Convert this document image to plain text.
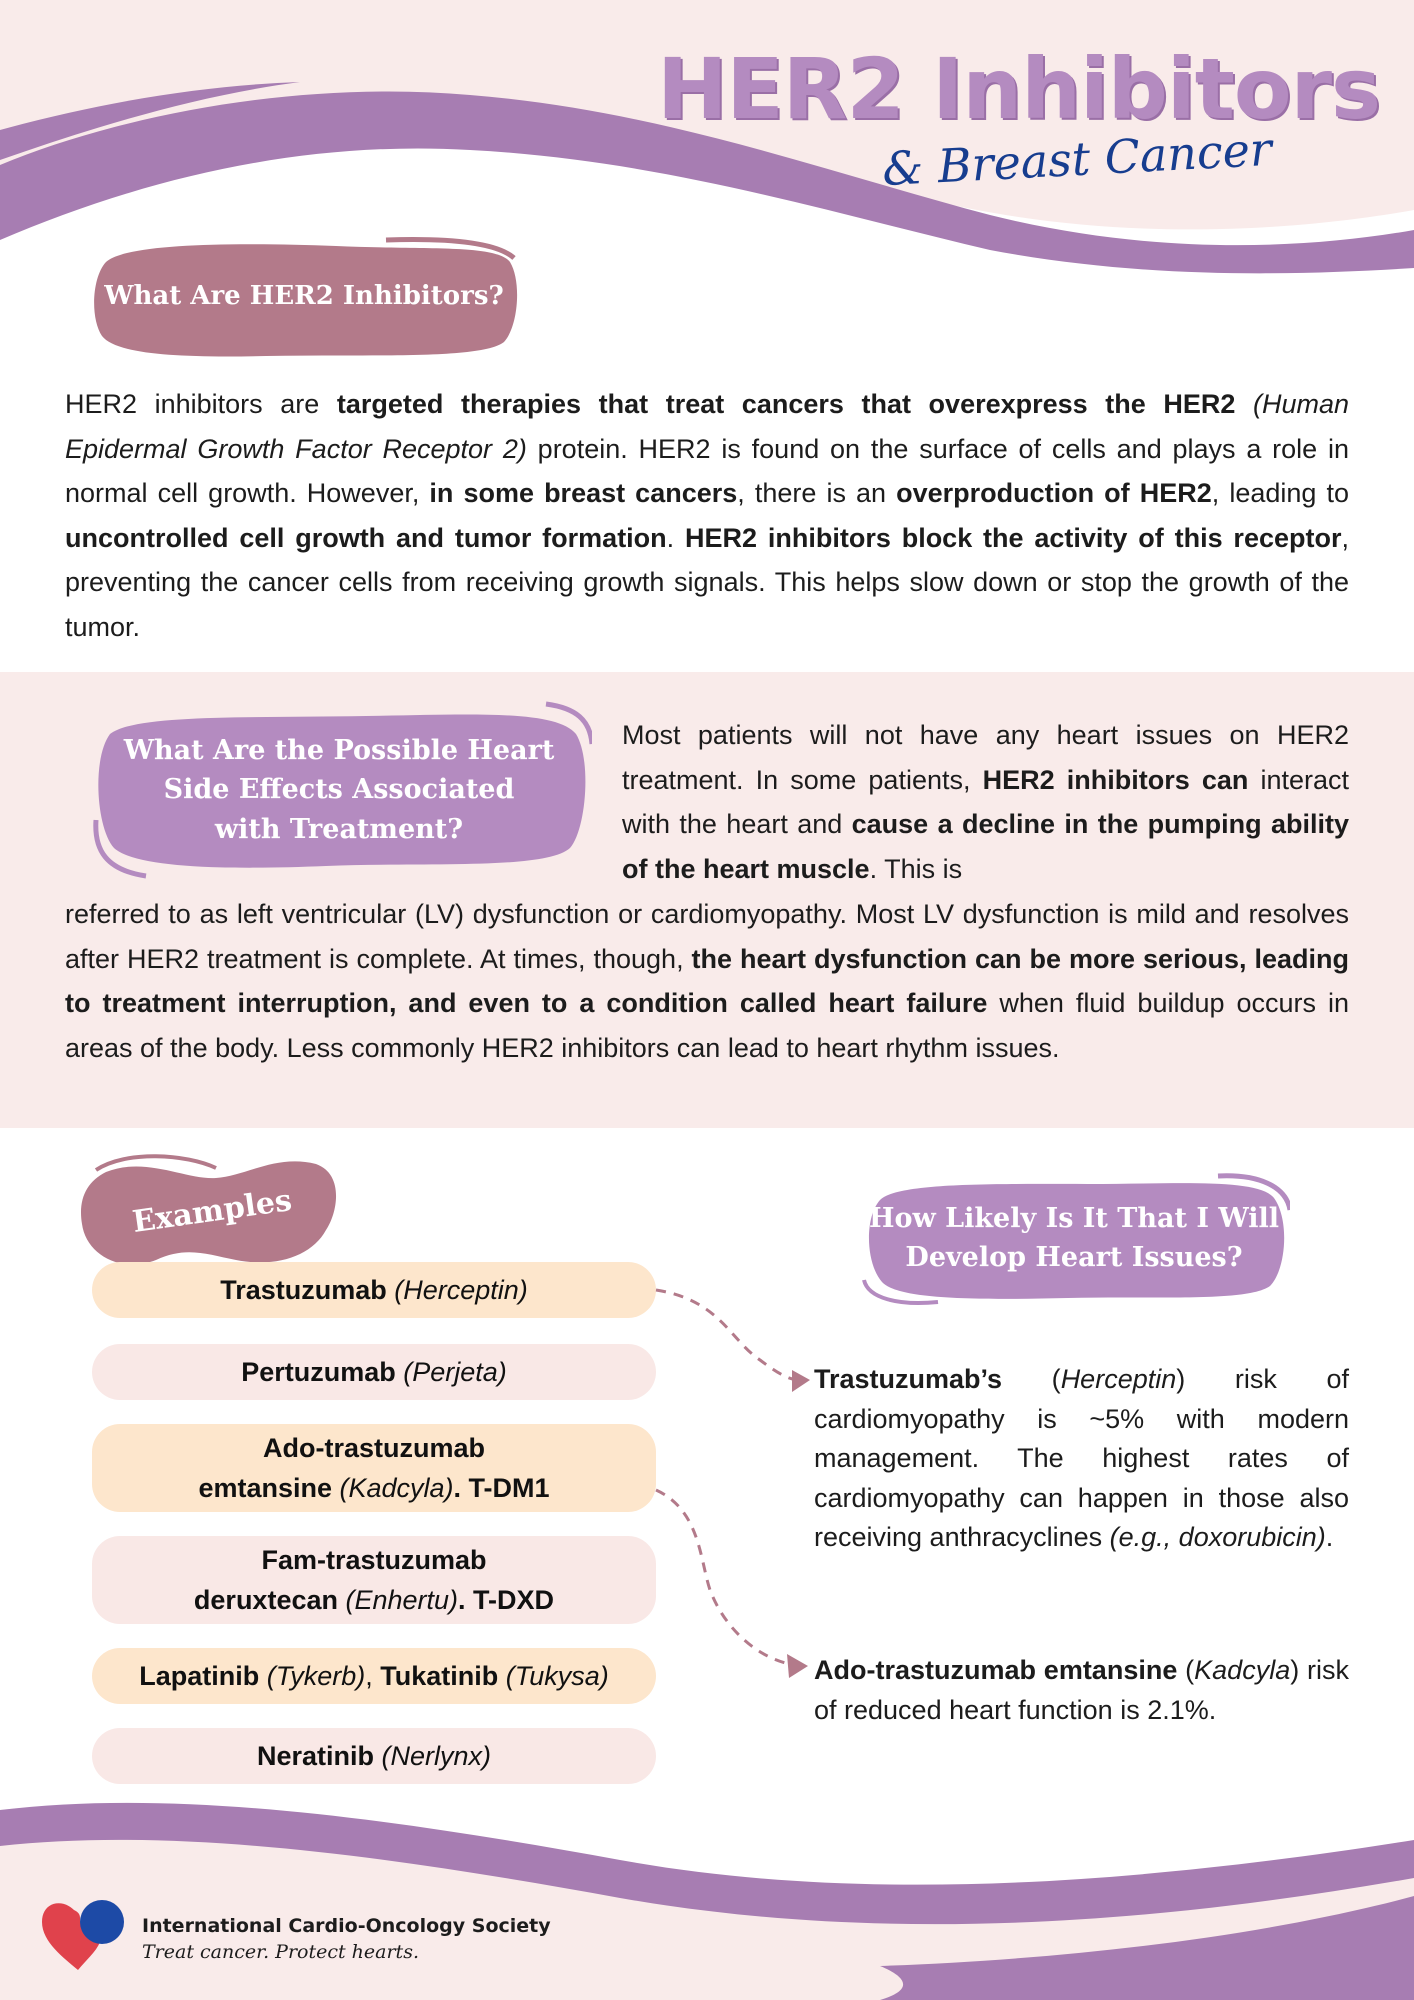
HER2 Inhibitors
& Breast Cancer
What Are HER2 Inhibitors?
HER2 inhibitors are targeted therapies that treat cancers that overexpress the HER2 (Human Epidermal Growth Factor Receptor 2) protein. HER2 is found on the surface of cells and plays a role in normal cell growth. However, in some breast cancers, there is an overproduction of HER2, leading to uncontrolled cell growth and tumor formation. HER2 inhibitors block the activity of this receptor, preventing the cancer cells from receiving growth signals. This helps slow down or stop the growth of the tumor.
What Are the Possible Heart
Side Effects Associated
with Treatment?
Most patients will not have any heart issues on HER2 treatment. In some patients, HER2 inhibitors can interact with the heart and cause a decline in the pumping ability of the heart muscle. This is
referred to as left ventricular (LV) dysfunction or cardiomyopathy. Most LV dysfunction is mild and resolves after HER2 treatment is complete. At times, though, the heart dysfunction can be more serious, leading to treatment interruption, and even to a condition called heart failure when fluid buildup occurs in areas of the body. Less commonly HER2 inhibitors can lead to heart rhythm issues.
Examples
Trastuzumab (Herceptin)
Pertuzumab (Perjeta)
Ado-trastuzumab
emtansine (Kadcyla). T-DM1
Fam-trastuzumab
deruxtecan (Enhertu). T-DXD
Lapatinib (Tykerb), Tukatinib (Tukysa)
Neratinib (Nerlynx)
How Likely Is It That I Will
Develop Heart Issues?
Trastuzumab’s (Herceptin) risk of cardiomyopathy is ~5% with modern management. The highest rates of cardiomyopathy can happen in those also receiving anthracyclines (e.g., doxorubicin).
Ado-trastuzumab emtansine (Kadcyla) risk of reduced heart function is 2.1%.
International Cardio-Oncology Society
Treat cancer. Protect hearts.
